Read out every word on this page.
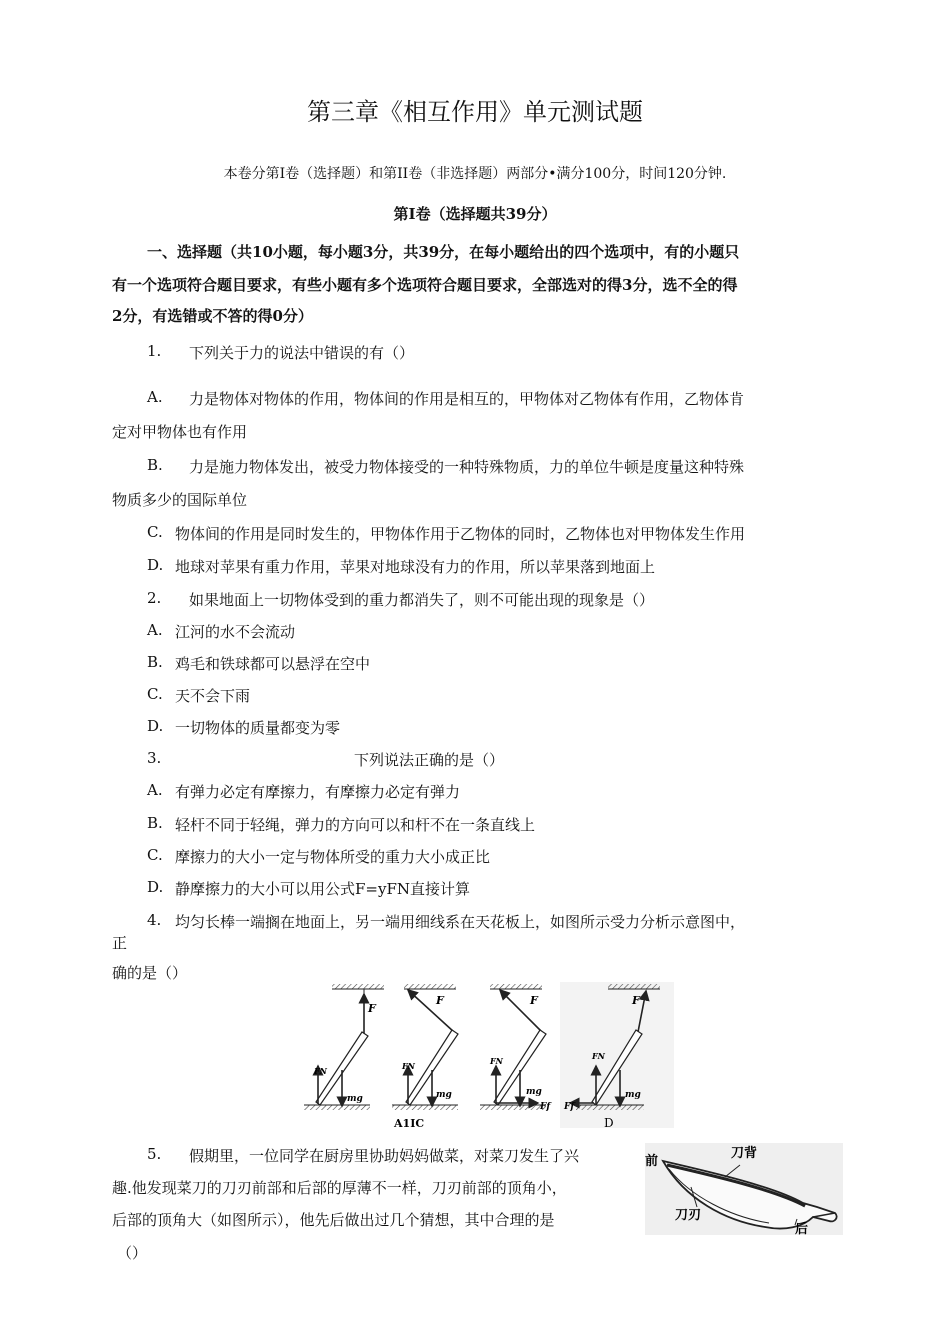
第三章《相互作用》单元测试题
本卷分第Ⅰ卷（选择题）和第II卷（非选择题）两部分•满分100分，时间120分钟.
第Ⅰ卷（选择题共39分）
一、选择题（共10小题，每小题3分，共39分，在每小题给出的四个选项中，有的小题只
有一个选项符合题目要求，有些小题有多个选项符合题目要求，全部选对的得3分，选不全的得
2分，有选错或不答的得0分）
1. 下列关于力的说法中错误的有（）
A. 力是物体对物体的作用，物体间的作用是相互的，甲物体对乙物体有作用，乙物体肯
定对甲物体也有作用
B. 力是施力物体发出，被受力物体接受的一种特殊物质，力的单位牛顿是度量这种特殊
物质多少的国际单位
C. 物体间的作用是同时发生的，甲物体作用于乙物体的同时，乙物体也对甲物体发生作用
D. 地球对苹果有重力作用，苹果对地球没有力的作用，所以苹果落到地面上
2. 如果地面上一切物体受到的重力都消失了，则不可能出现的现象是（）
A. 江河的水不会流动
B. 鸡毛和铁球都可以悬浮在空中
C. 天不会下雨
D. 一切物体的质量都变为零
3.	下列说法正确的是（）
A. 有弹力必定有摩擦力，有摩擦力必定有弹力
B. 轻杆不同于轻绳，弹力的方向可以和杆不在一条直线上
C. 摩擦力的大小一定与物体所受的重力大小成正比
D. 静摩擦力的大小可以用公式F=yFN直接计算
4. 均匀长棒一端搁在地面上，另一端用细线系在天花板上，如图所示受力分析示意图中，
正
确的是（）
F
F	F	F
FN	FN	FN	FN
mg	mg	mg	mg
Ff Ff
A1IC	D
5. 假期里，一位同学在厨房里协助妈妈做菜，对菜刀发生了兴
趣.他发现菜刀的刀刃前部和后部的厚薄不一样，刀刃前部的顶角小，
后部的顶角大（如图所示），他先后做出过几个猜想，其中合理的是
（）
刀背
前
刀刃
后
